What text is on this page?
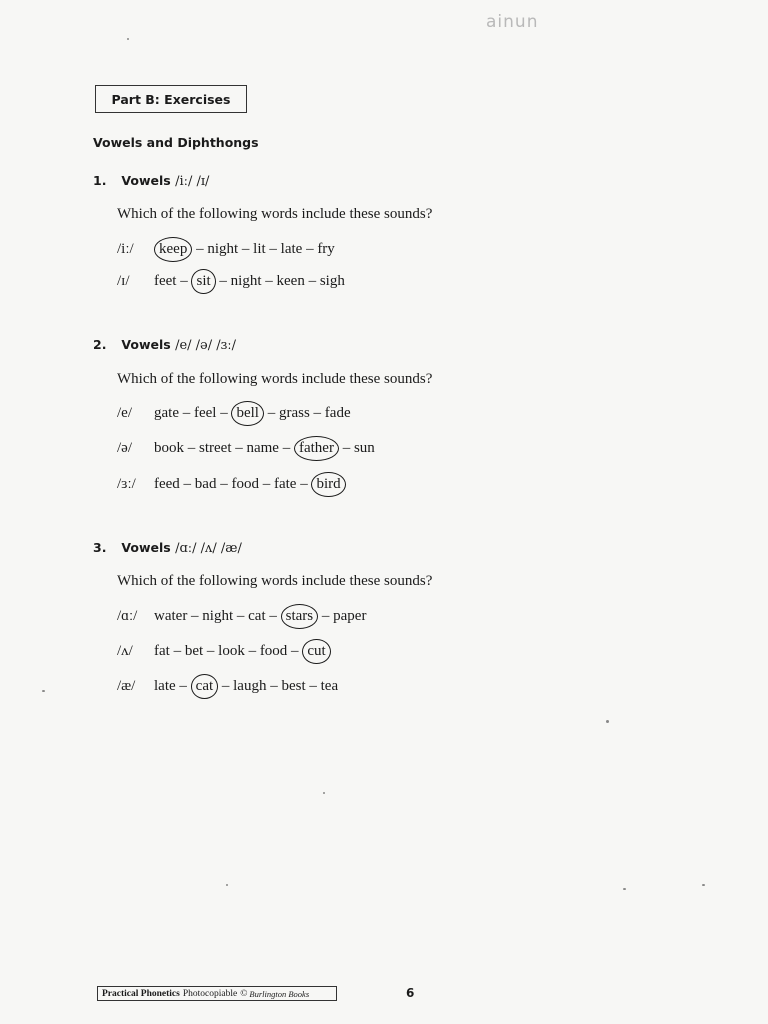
ainun
Part B: Exercises
Vowels and Diphthongs
1. Vowels /iː/ /ɪ/
Which of the following words include these sounds?
/iː/ keep – night – lit – late – fry
/ɪ/ feet – sit – night – keen – sigh
2. Vowels /e/ /ə/ /ɜː/
Which of the following words include these sounds?
/e/ gate – feel – bell – grass – fade
/ə/ book – street – name – father – sun
/ɜː/ feed – bad – food – fate – bird
3. Vowels /ɑː/ /ʌ/ /æ/
Which of the following words include these sounds?
/ɑː/ water – night – cat – stars – paper
/ʌ/ fat – bet – look – food – cut
/æ/ late – cat – laugh – best – tea
Practical Phonetics Photocopiable © Burlington Books	6
